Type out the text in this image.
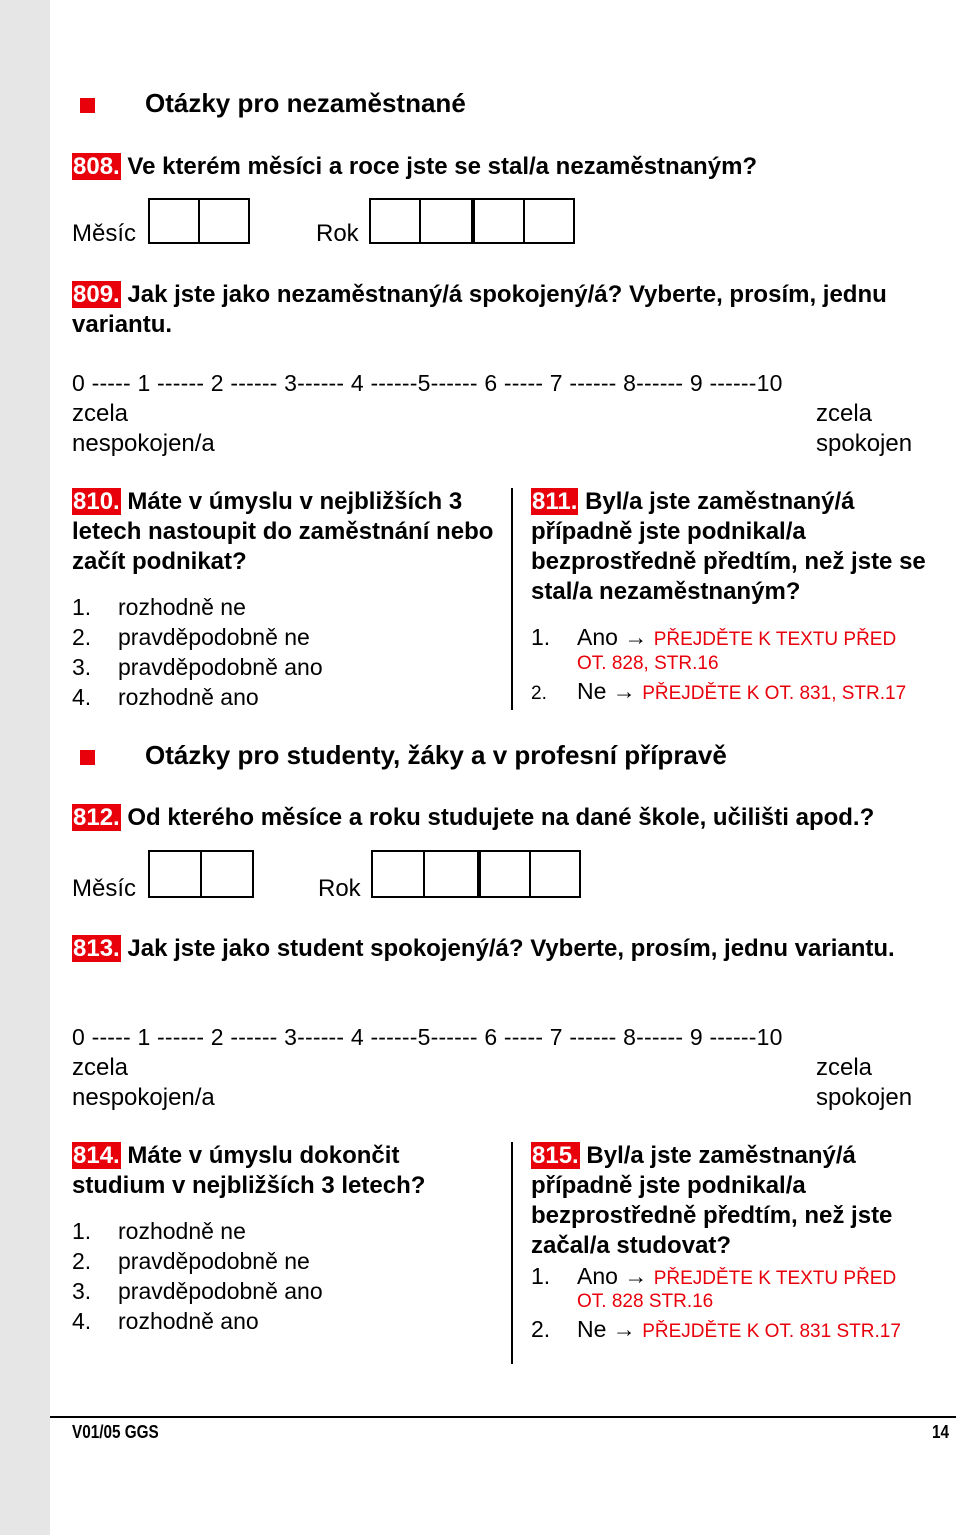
Otázky pro nezaměstnané
808. Ve kterém měsíci a roce jste se stal/a nezaměstnaným?
Měsíc	Rok
809. Jak jste jako nezaměstnaný/á spokojený/á? Vyberte, prosím, jednu variantu.
0 ----- 1 ------ 2 ------ 3------ 4 ------5------ 6 ----- 7 ------ 8------ 9 ------10
zcela
nespokojen/a
zcela
spokojen
810. Máte v úmyslu v nejbližších 3 letech nastoupit do zaměstnání nebo začít podnikat?
1. rozhodně ne
2. pravděpodobně ne
3. pravděpodobně ano
4. rozhodně ano
811. Byl/a jste zaměstnaný/á případně jste podnikal/a bezprostředně předtím, než jste se stal/a nezaměstnaným?
1. Ano → PŘEJDĚTE K TEXTU PŘED
OT. 828, STR.16
2. Ne → PŘEJDĚTE K OT. 831, STR.17
Otázky pro studenty, žáky a v profesní přípravě
812. Od kterého měsíce a roku studujete na dané škole, učilišti apod.?
Měsíc	Rok
813. Jak jste jako student spokojený/á? Vyberte, prosím, jednu variantu.
0 ----- 1 ------ 2 ------ 3------ 4 ------5------ 6 ----- 7 ------ 8------ 9 ------10
zcela
nespokojen/a
zcela
spokojen
814. Máte v úmyslu dokončit studium v nejbližších 3 letech?
1. rozhodně ne
2. pravděpodobně ne
3. pravděpodobně ano
4. rozhodně ano
815. Byl/a jste zaměstnaný/á případně jste podnikal/a bezprostředně předtím, než jste začal/a studovat?
1. Ano → PŘEJDĚTE K TEXTU PŘED
OT. 828 STR.16
2. Ne → PŘEJDĚTE K OT. 831 STR.17
V01/05 GGS	14
